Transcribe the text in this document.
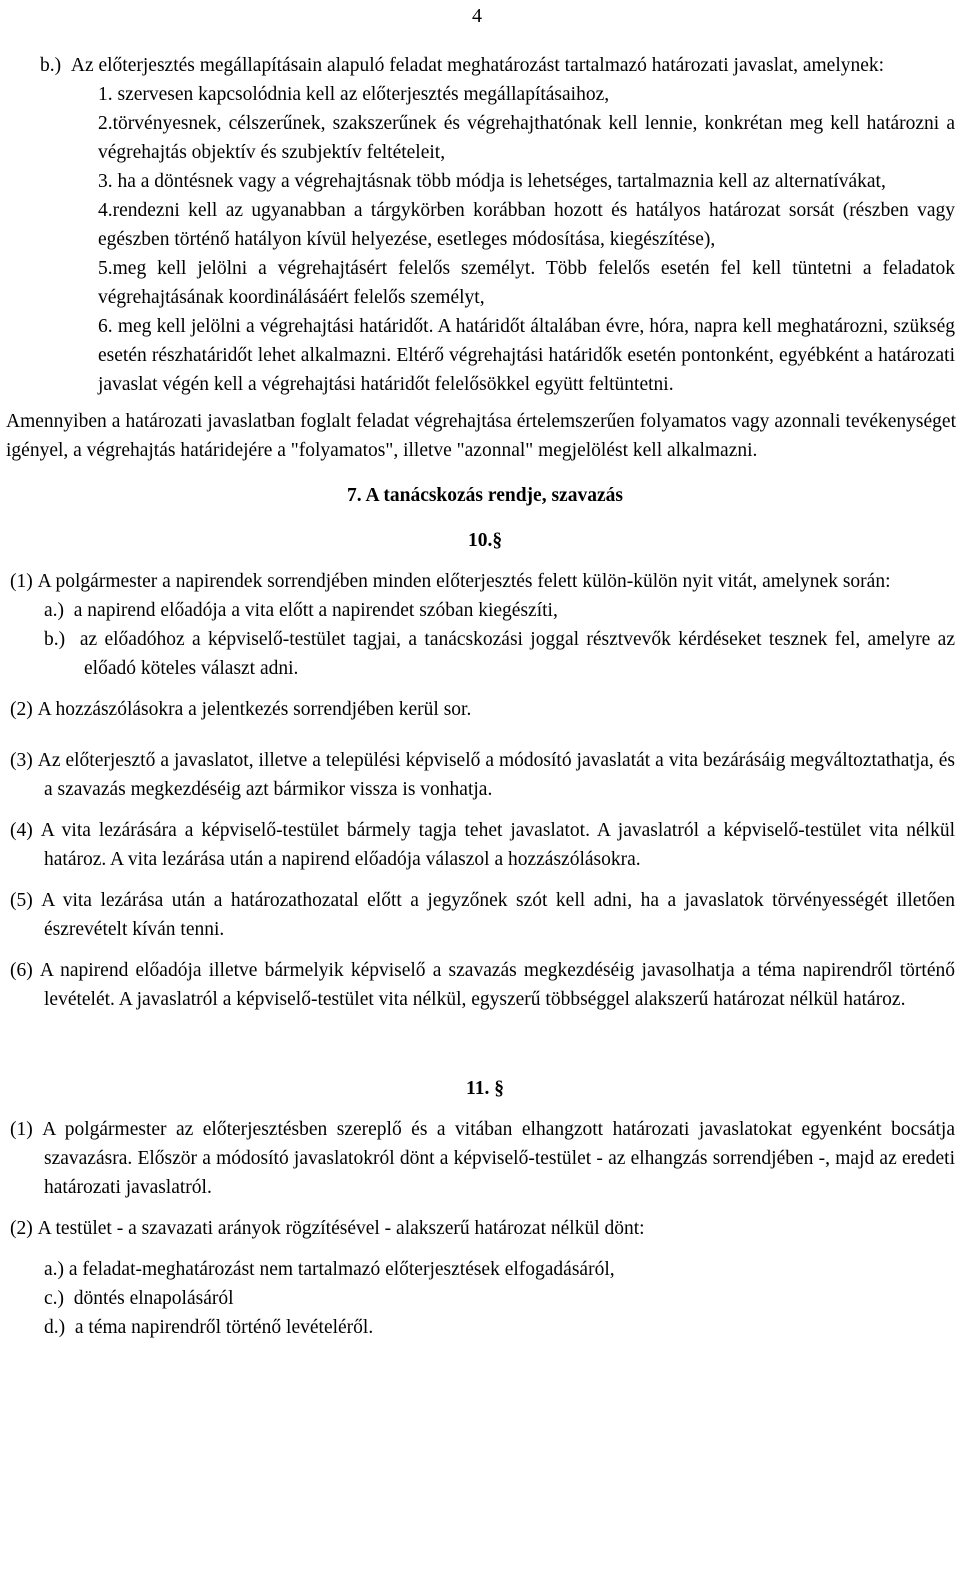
4
b.) Az előterjesztés megállapításain alapuló feladat meghatározást tartalmazó határozati javaslat, amelynek:
1. szervesen kapcsolódnia kell az előterjesztés megállapításaihoz,
2.törvényesnek, célszerűnek, szakszerűnek és végrehajthatónak kell lennie, konkrétan meg kell határozni a végrehajtás objektív és szubjektív feltételeit,
3. ha a döntésnek vagy a végrehajtásnak több módja is lehetséges, tartalmaznia kell az alternatívákat,
4.rendezni kell az ugyanabban a tárgykörben korábban hozott és hatályos határozat sorsát (részben vagy egészben történő hatályon kívül helyezése, esetleges módosítása, kiegészítése),
5.meg kell jelölni a végrehajtásért felelős személyt. Több felelős esetén fel kell tüntetni a feladatok végrehajtásának koordinálásáért felelős személyt,
6. meg kell jelölni a végrehajtási határidőt. A határidőt általában évre, hóra, napra kell meghatározni, szükség esetén részhatáridőt lehet alkalmazni. Eltérő végrehajtási határidők esetén pontonként, egyébként a határozati javaslat végén kell a végrehajtási határidőt felelősökkel együtt feltüntetni.
Amennyiben a határozati javaslatban foglalt feladat végrehajtása értelemszerűen folyamatos vagy azonnali tevékenységet igényel, a végrehajtás határidejére a "folyamatos", illetve "azonnal" megjelölést kell alkalmazni.
7. A tanácskozás rendje, szavazás
10.§
(1) A polgármester a napirendek sorrendjében minden előterjesztés felett külön-külön nyit vitát, amelynek során:
a.) a napirend előadója a vita előtt a napirendet szóban kiegészíti,
b.) az előadóhoz a képviselő-testület tagjai, a tanácskozási joggal résztvevők kérdéseket tesznek fel, amelyre az előadó köteles választ adni.
(2) A hozzászólásokra a jelentkezés sorrendjében kerül sor.
(3) Az előterjesztő a javaslatot, illetve a települési képviselő a módosító javaslatát a vita bezárásáig megváltoztathatja, és a szavazás megkezdéséig azt bármikor vissza is vonhatja.
(4) A vita lezárására a képviselő-testület bármely tagja tehet javaslatot. A javaslatról a képviselő-testület vita nélkül határoz. A vita lezárása után a napirend előadója válaszol a hozzászólásokra.
(5) A vita lezárása után a határozathozatal előtt a jegyzőnek szót kell adni, ha a javaslatok törvényességét illetően észrevételt kíván tenni.
(6) A napirend előadója illetve bármelyik képviselő a szavazás megkezdéséig javasolhatja a téma napirendről történő levételét. A javaslatról a képviselő-testület vita nélkül, egyszerű többséggel alakszerű határozat nélkül határoz.
11. §
(1) A polgármester az előterjesztésben szereplő és a vitában elhangzott határozati javaslatokat egyenként bocsátja szavazásra. Először a módosító javaslatokról dönt a képviselő-testület - az elhangzás sorrendjében -, majd az eredeti határozati javaslatról.
(2) A testület - a szavazati arányok rögzítésével - alakszerű határozat nélkül dönt:
a.) a feladat-meghatározást nem tartalmazó előterjesztések elfogadásáról,
c.) döntés elnapolásáról
d.) a téma napirendről történő levételéről.
